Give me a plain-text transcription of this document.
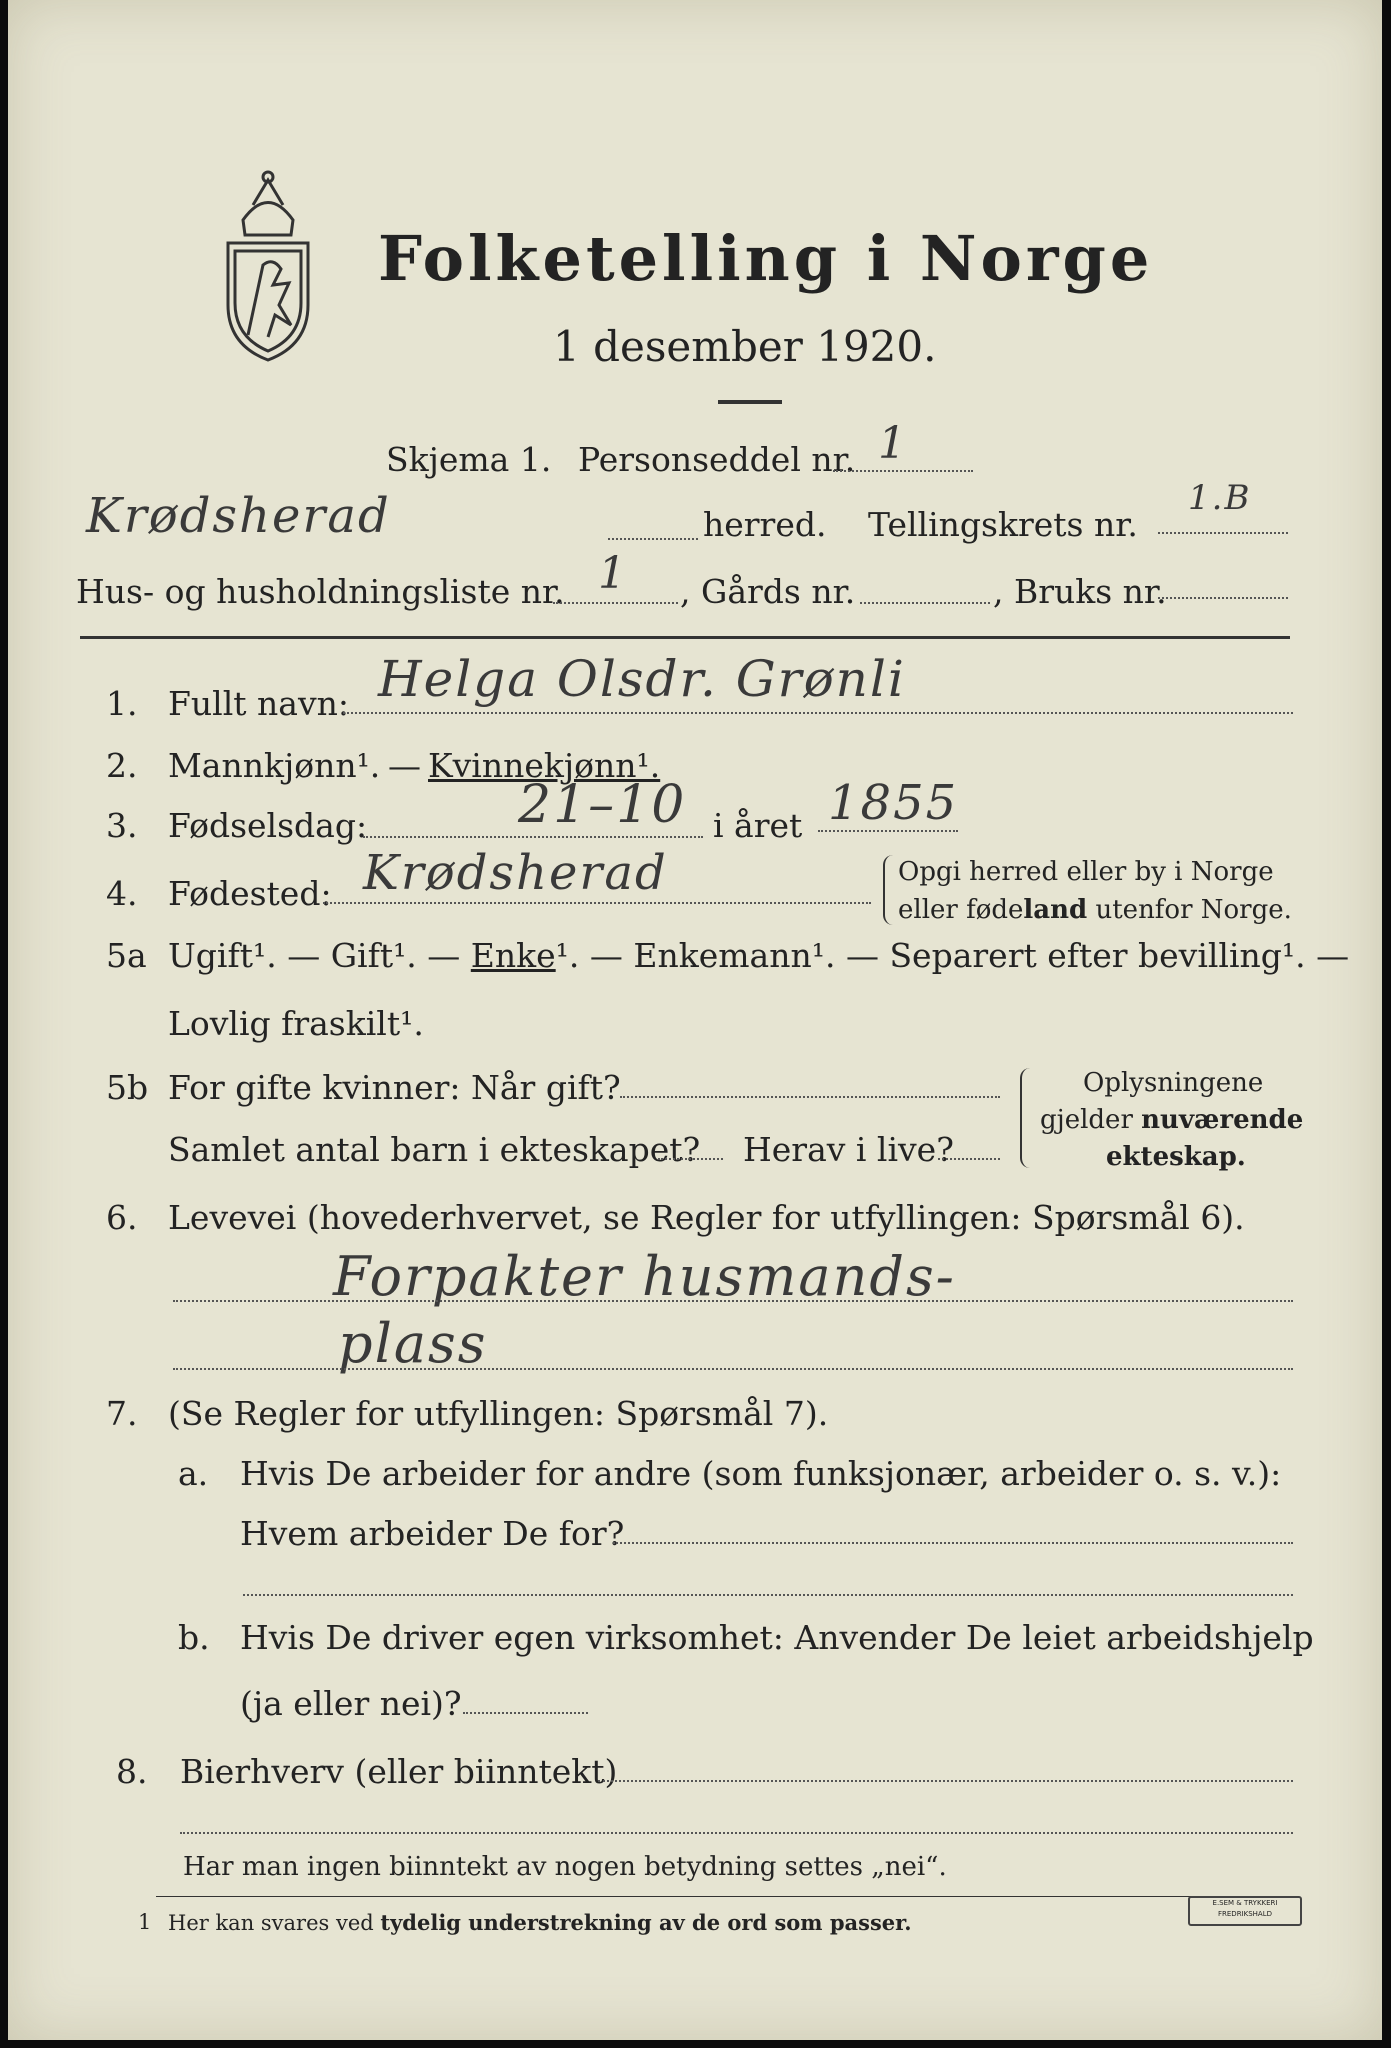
Folketelling i Norge
1 desember 1920.
Skjema 1. Personseddel nr. 1
Krødsherad	herred. Tellingskrets nr.
1.B
Hus- og husholdningsliste nr. 1 , Gårds nr.	, Bruks nr.
1. Fullt navn: Helga Olsdr. Grønli
2. Mannkjønn¹. — Kvinnekjønn¹.
3. Fødselsdag:	21–10 i året 1855
4. Fødested: Krødsherad	Opgi herred eller by i Norge
eller fødeland utenfor Norge.
5a Ugift¹. — Gift¹. — Enke¹. — Enkemann¹. — Separert efter bevilling¹. —
Lovlig fraskilt¹.
5b For gifte kvinner: Når gift?
Samlet antal barn i ekteskapet? Herav i live?
Oplysningene
gjelder nuværende
ekteskap.
6. Levevei (hovederhvervet, se Regler for utfyllingen: Spørsmål 6).
Forpakter husmands-
plass
7. (Se Regler for utfyllingen: Spørsmål 7).
a. Hvis De arbeider for andre (som funksjonær, arbeider o. s. v.):
Hvem arbeider De for?
b. Hvis De driver egen virksomhet: Anvender De leiet arbeidshjelp
(ja eller nei)?
8. Bierhverv (eller biinntekt)
Har man ingen biinntekt av nogen betydning settes „nei“.
1 Her kan svares ved tydelig understrekning av de ord som passer.
E.SEM & TRYKKERI FREDRIKSHALD
